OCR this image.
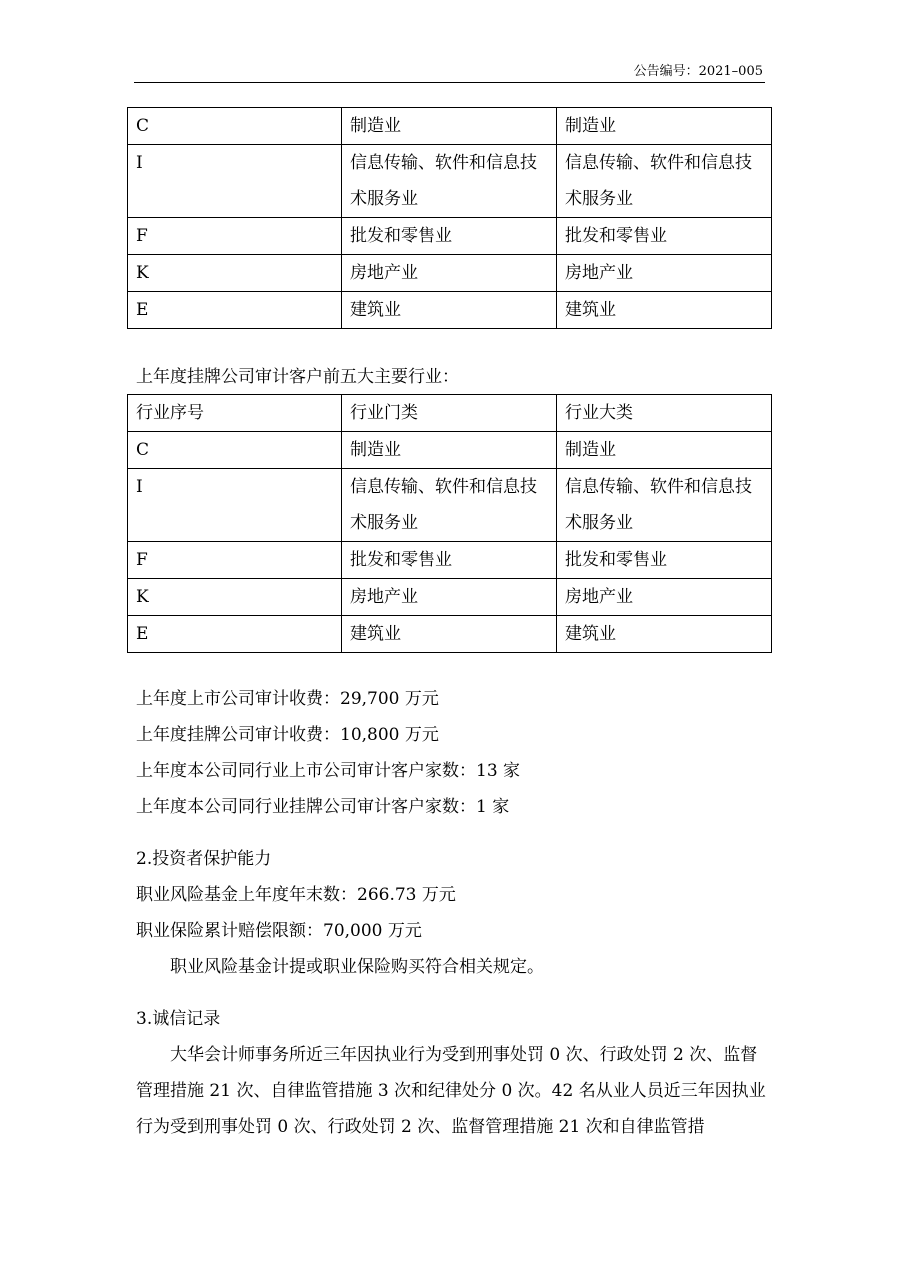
公告编号：2021–005
C	制造业	制造业
I	信息传输、软件和信息技术服务业	信息传输、软件和信息技术服务业
F	批发和零售业	批发和零售业
K	房地产业	房地产业
E	建筑业	建筑业

上年度挂牌公司审计客户前五大主要行业：

行业序号	行业门类	行业大类
C	制造业	制造业
I	信息传输、软件和信息技术服务业	信息传输、软件和信息技术服务业
F	批发和零售业	批发和零售业
K	房地产业	房地产业
E	建筑业	建筑业

上年度上市公司审计收费：29,700 万元

上年度挂牌公司审计收费：10,800 万元

上年度本公司同行业上市公司审计客户家数：13 家

上年度本公司同行业挂牌公司审计客户家数：1 家

2.投资者保护能力

职业风险基金上年度年末数：266.73 万元

职业保险累计赔偿限额：70,000 万元

职业风险基金计提或职业保险购买符合相关规定。

3.诚信记录

大华会计师事务所近三年因执业行为受到刑事处罚 0 次、行政处罚 2 次、监督管理措施 21 次、自律监管措施 3 次和纪律处分 0 次。42 名从业人员近三年因执业行为受到刑事处罚 0 次、行政处罚 2 次、监督管理措施 21 次和自律监管措
